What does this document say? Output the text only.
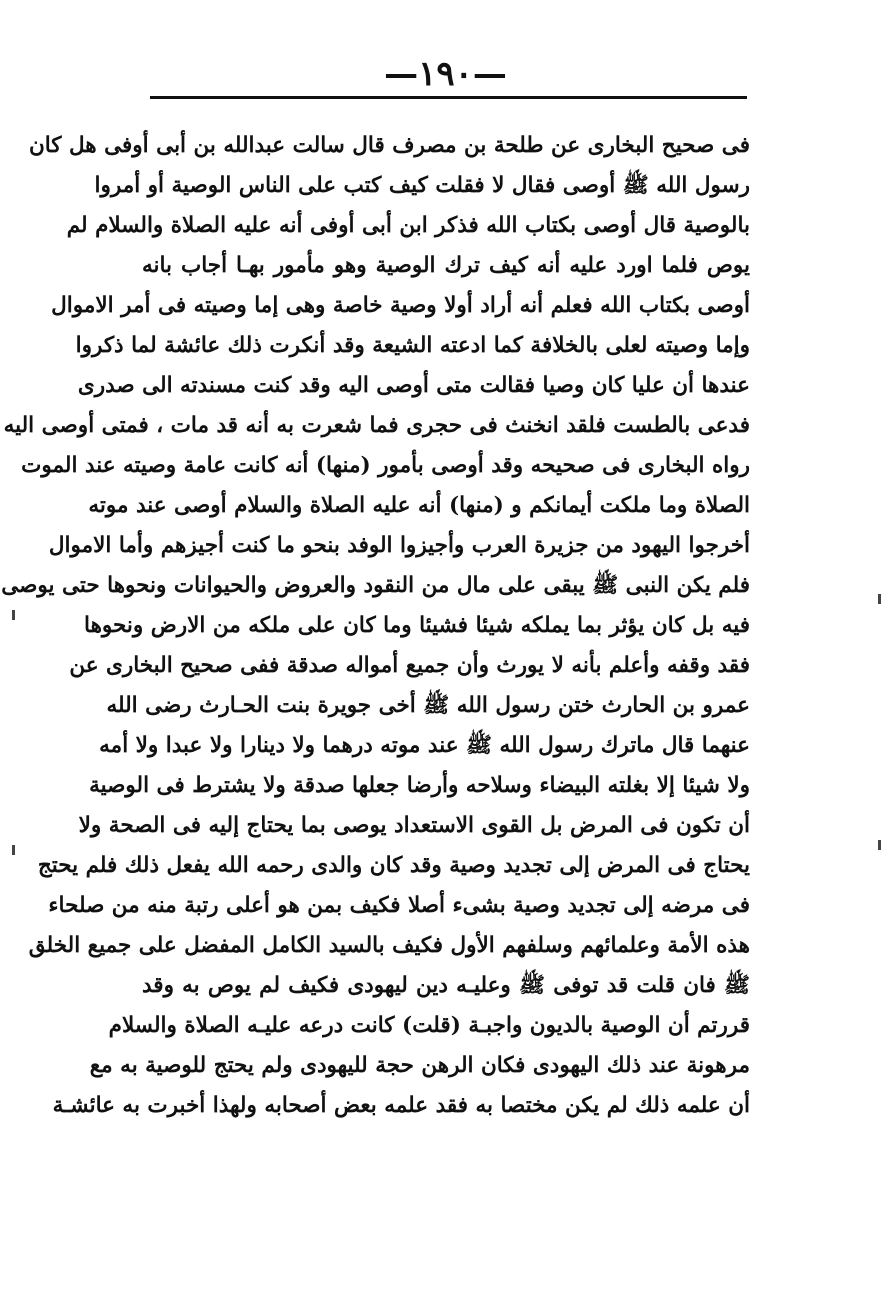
—١٩٠—
فى صحيح البخارى عن طلحة بن مصرف قال سالت عبدالله بن أبى أوفى هل كان
رسول الله ﷺ أوصى فقال لا فقلت كيف كتب على الناس الوصية أو أمروا
بالوصية قال أوصى بكتاب الله فذكر ابن أبى أوفى أنه عليه الصلاة والسلام لم
يوص فلما اورد عليه أنه كيف ترك الوصية وهو مأمور بهـا أجاب بانه
أوصى بكتاب الله فعلم أنه أراد أولا وصية خاصة وهى إما وصيته فى أمر الاموال
وإما وصيته لعلى بالخلافة كما ادعته الشيعة وقد أنكرت ذلك عائشة لما ذكروا
عندها أن عليا كان وصيا فقالت متى أوصى اليه وقد كنت مسندته الى صدرى
فدعى بالطست فلقد انخنث فى حجرى فما شعرت به أنه قد مات ، فمتى أوصى اليه
رواه البخارى فى صحيحه وقد أوصى بأمور (منها) أنه كانت عامة وصيته عند الموت
الصلاة وما ملكت أيمانكم و (منها) أنه عليه الصلاة والسلام أوصى عند موته
أخرجوا اليهود من جزيرة العرب وأجيزوا الوفد بنحو ما كنت أجيزهم وأما الاموال
فلم يكن النبى ﷺ يبقى على مال من النقود والعروض والحيوانات ونحوها حتى يوصى
فيه بل كان يؤثر بما يملكه شيئا فشيئا وما كان على ملكه من الارض ونحوها
فقد وقفه وأعلم بأنه لا يورث وأن جميع أمواله صدقة ففى صحيح البخارى عن
عمرو بن الحارث ختن رسول الله ﷺ أخى جويرة بنت الحـارث رضى الله
عنهما قال ماترك رسول الله ﷺ عند موته درهما ولا دينارا ولا عبدا ولا أمه
ولا شيئا إلا بغلته البيضاء وسلاحه وأرضا جعلها صدقة ولا يشترط فى الوصية
أن تكون فى المرض بل القوى الاستعداد يوصى بما يحتاج إليه فى الصحة ولا
يحتاج فى المرض إلى تجديد وصية وقد كان والدى رحمه الله يفعل ذلك فلم يحتج
فى مرضه إلى تجديد وصية بشىء أصلا فكيف بمن هو أعلى رتبة منه من صلحاء
هذه الأمة وعلمائهم وسلفهم الأول فكيف بالسيد الكامل المفضل على جميع الخلق
ﷺ فان قلت قد توفى ﷺ وعليـه دين ليهودى فكيف لم يوص به وقد
قررتم أن الوصية بالديون واجبـة (قلت) كانت درعه عليـه الصلاة والسلام
مرهونة عند ذلك اليهودى فكان الرهن حجة لليهودى ولم يحتج للوصية به مع
أن علمه ذلك لم يكن مختصا به فقد علمه بعض أصحابه ولهذا أخبرت به عائشـة
